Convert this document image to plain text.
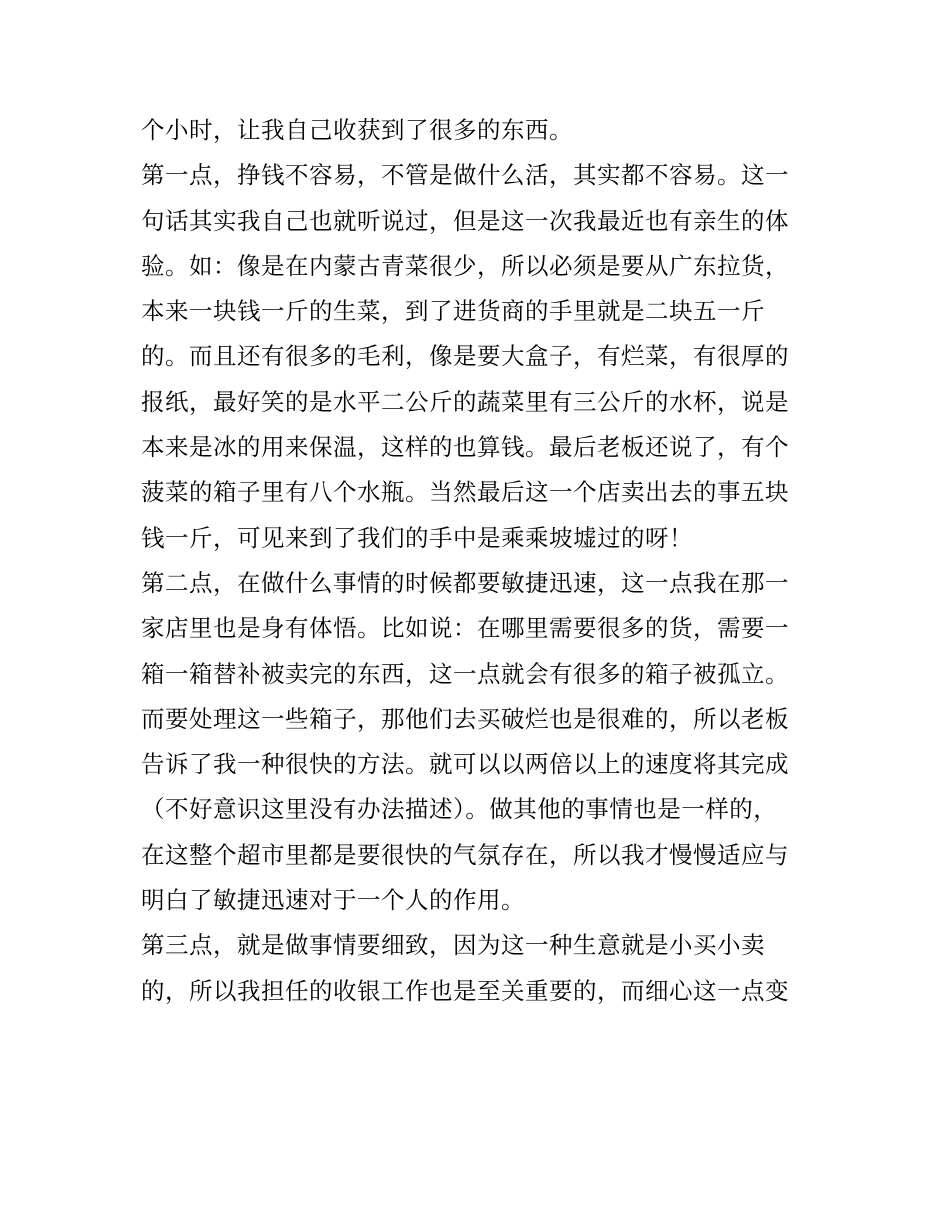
个小时，让我自己收获到了很多的东西。
第一点，挣钱不容易，不管是做什么活，其实都不容易。这一
句话其实我自己也就听说过，但是这一次我最近也有亲生的体
验。如：像是在内蒙古青菜很少，所以必须是要从广东拉货，
本来一块钱一斤的生菜，到了进货商的手里就是二块五一斤
的。而且还有很多的毛利，像是要大盒子，有烂菜，有很厚的
报纸，最好笑的是水平二公斤的蔬菜里有三公斤的水杯，说是
本来是冰的用来保温，这样的也算钱。最后老板还说了，有个
菠菜的箱子里有八个水瓶。当然最后这一个店卖出去的事五块
钱一斤，可见来到了我们的手中是乘乘坡墟过的呀！
第二点，在做什么事情的时候都要敏捷迅速，这一点我在那一
家店里也是身有体悟。比如说：在哪里需要很多的货，需要一
箱一箱替补被卖完的东西，这一点就会有很多的箱子被孤立。
而要处理这一些箱子，那他们去买破烂也是很难的，所以老板
告诉了我一种很快的方法。就可以以两倍以上的速度将其完成
（不好意识这里没有办法描述）。做其他的事情也是一样的，
在这整个超市里都是要很快的气氛存在，所以我才慢慢适应与
明白了敏捷迅速对于一个人的作用。
第三点，就是做事情要细致，因为这一种生意就是小买小卖
的，所以我担任的收银工作也是至关重要的，而细心这一点变
